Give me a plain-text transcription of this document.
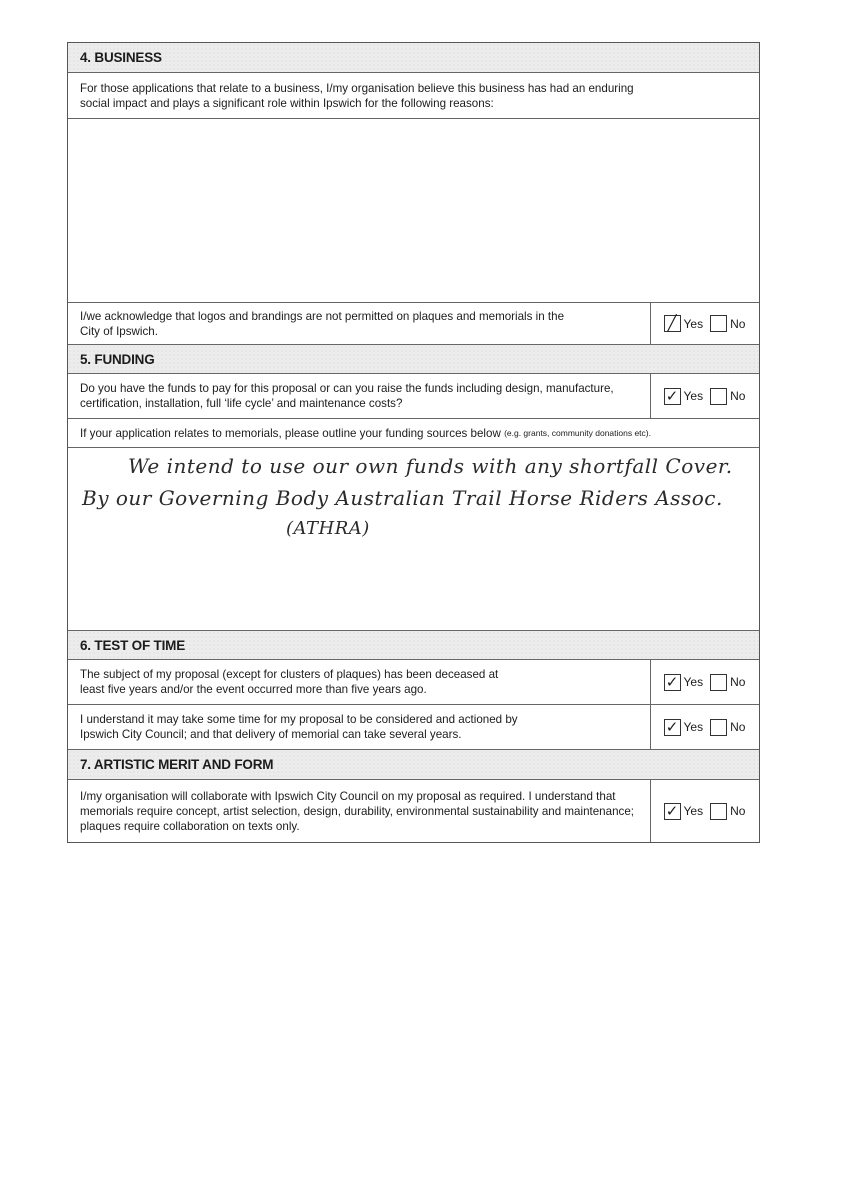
4. BUSINESS
For those applications that relate to a business, I/my organisation believe this business has had an enduring
social impact and plays a significant role within Ipswich for the following reasons:
I/we acknowledge that logos and brandings are not permitted on plaques and memorials in the
City of Ipswich.	╱ Yes No
5. FUNDING
Do you have the funds to pay for this proposal or can you raise the funds including design, manufacture,
certification, installation, full ‘life cycle’ and maintenance costs?	✓ Yes No
If your application relates to memorials, please outline your funding sources below
(e.g. grants, community donations etc).
We intend to use our own funds with any shortfall Cover.
By our Governing Body Australian Trail Horse Riders Assoc.
(ATHRA)
6. TEST OF TIME
The subject of my proposal (except for clusters of plaques) has been deceased at
least five years and/or the event occurred more than five years ago.	✓ Yes No
I understand it may take some time for my proposal to be considered and actioned by
Ipswich City Council; and that delivery of memorial can take several years.	✓ Yes No
7. ARTISTIC MERIT AND FORM
I/my organisation will collaborate with Ipswich City Council on my proposal as required. I understand that
memorials require concept, artist selection, design, durability, environmental sustainability and maintenance;
plaques require collaboration on texts only.
✓ Yes No
